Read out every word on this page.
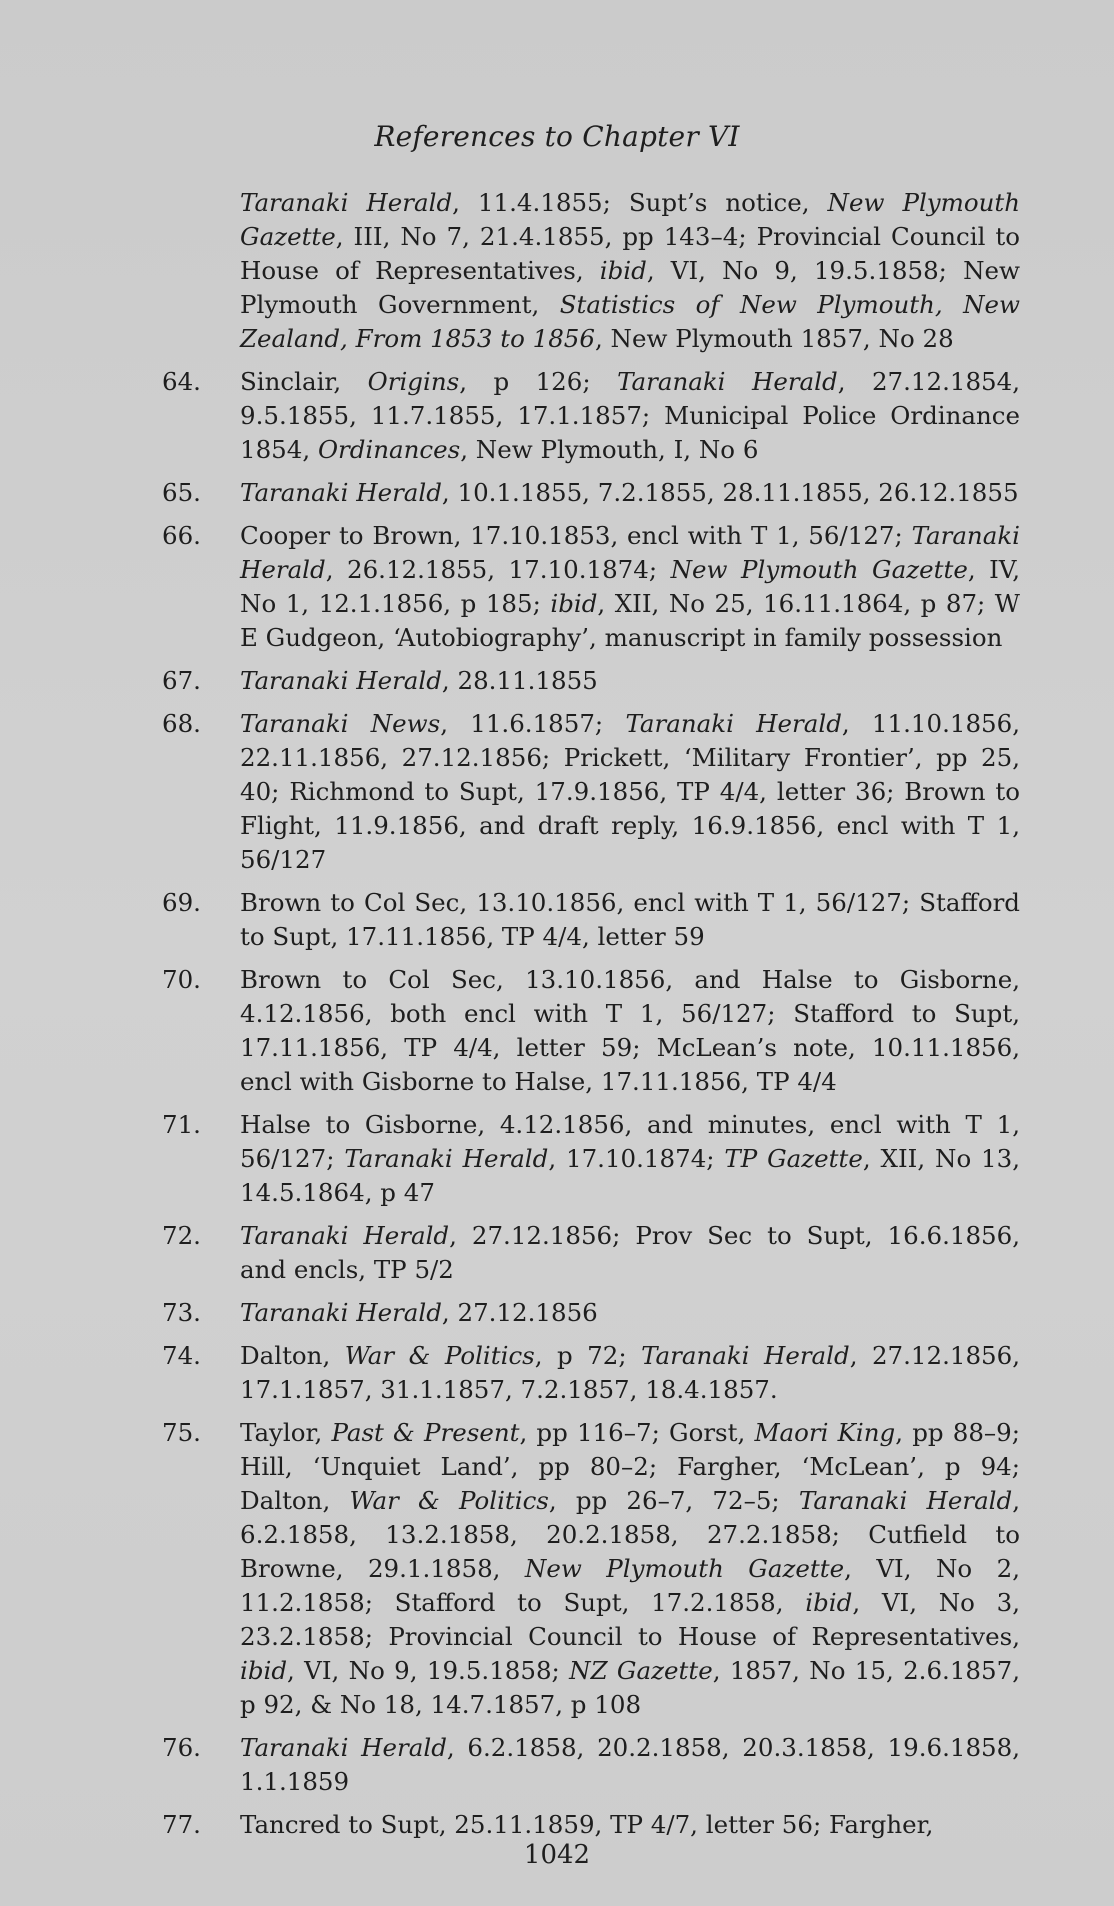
References to Chapter VI
Taranaki Herald, 11.4.1855; Supt’s notice, New Plymouth Gazette, III, No 7, 21.4.1855, pp 143–4; Provincial Council to House of Representatives, ibid, VI, No 9, 19.5.1858; New Plymouth Government, Statistics of New Plymouth, New Zealand, From 1853 to 1856, New Plymouth 1857, No 28
64.	Sinclair, Origins, p 126; Taranaki Herald, 27.12.1854, 9.5.1855, 11.7.1855, 17.1.1857; Municipal Police Ordinance 1854, Ordinances, New Plymouth, I, No 6
65.	Taranaki Herald, 10.1.1855, 7.2.1855, 28.11.1855, 26.12.1855
66.	Cooper to Brown, 17.10.1853, encl with T 1, 56/127; Taranaki Herald, 26.12.1855, 17.10.1874; New Plymouth Gazette, IV, No 1, 12.1.1856, p 185; ibid, XII, No 25, 16.11.1864, p 87; W E Gudgeon, ‘Autobiography’, manuscript in family possession
67.	Taranaki Herald, 28.11.1855
68.	Taranaki News, 11.6.1857; Taranaki Herald, 11.10.1856, 22.11.1856, 27.12.1856; Prickett, ‘Military Frontier’, pp 25, 40; Richmond to Supt, 17.9.1856, TP 4/4, letter 36; Brown to Flight, 11.9.1856, and draft reply, 16.9.1856, encl with T 1, 56/127
69.	Brown to Col Sec, 13.10.1856, encl with T 1, 56/127; Stafford to Supt, 17.11.1856, TP 4/4, letter 59
70.	Brown to Col Sec, 13.10.1856, and Halse to Gisborne, 4.12.1856, both encl with T 1, 56/127; Stafford to Supt, 17.11.1856, TP 4/4, letter 59; McLean’s note, 10.11.1856, encl with Gisborne to Halse, 17.11.1856, TP 4/4
71.	Halse to Gisborne, 4.12.1856, and minutes, encl with T 1, 56/127; Taranaki Herald, 17.10.1874; TP Gazette, XII, No 13, 14.5.1864, p 47
72.	Taranaki Herald, 27.12.1856; Prov Sec to Supt, 16.6.1856, and encls, TP 5/2
73.	Taranaki Herald, 27.12.1856
74.	Dalton, War & Politics, p 72; Taranaki Herald, 27.12.1856, 17.1.1857, 31.1.1857, 7.2.1857, 18.4.1857.
75.	Taylor, Past & Present, pp 116–7; Gorst, Maori King, pp 88–9; Hill, ‘Unquiet Land’, pp 80–2; Fargher, ‘McLean’, p 94; Dalton, War & Politics, pp 26–7, 72–5; Taranaki Herald, 6.2.1858, 13.2.1858, 20.2.1858, 27.2.1858; Cutfield to Browne, 29.1.1858, New Plymouth Gazette, VI, No 2, 11.2.1858; Stafford to Supt, 17.2.1858, ibid, VI, No 3, 23.2.1858; Provincial Council to House of Representatives, ibid, VI, No 9, 19.5.1858; NZ Gazette, 1857, No 15, 2.6.1857, p 92, & No 18, 14.7.1857, p 108
76.	Taranaki Herald, 6.2.1858, 20.2.1858, 20.3.1858, 19.6.1858, 1.1.1859
77.	Tancred to Supt, 25.11.1859, TP 4/7, letter 56; Fargher,
1042
